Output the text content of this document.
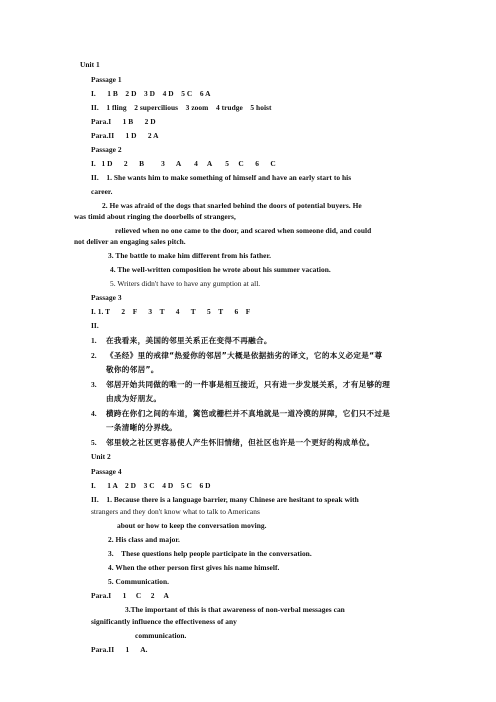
Unit 1
Passage 1
I.      1 B    2 D    3 D    4 D    5 C    6 A
II.    1 fling    2 supercilious    3 zoom    4 trudge    5 hoist
Para.I      1 B      2 D
Para.II      1 D      2 A
Passage 2
I.   1 D      2      B         3      A       4     A       5     C      6      C
II.    1. She wants him to make something of himself and have an early start to his
career.
2. He was afraid of the dogs that snarled behind the doors of potential buyers. He
was timid about ringing the doorbells of strangers,
relieved when no one came to the door, and scared when someone did, and could
not deliver an engaging sales pitch.
3. The battle to make him different from his father.
4. The well-written composition he wrote about his summer vacation.
5. Writers didn't have to have any gumption at all.
Passage 3
I. 1. T      2    F      3    T      4      T      5    T      6    F
II.
1. 在我看来，美国的邻里关系正在变得不再融合。
2. 《圣经》里的戒律“热爱你的邻居”大概是依据拙劣的译文，它的本义必定是“尊
敬你的邻居”。
3. 邻居开始共同做的唯一的一件事是相互接近，只有进一步发展关系，才有足够的理
由成为好朋友。
4. 横跨在你们之间的车道，篱笆或栅栏并不真地就是一道冷漠的屏障，它们只不过是
一条清晰的分界线。
5. 邻里较之社区更容易使人产生怀旧情绪，但社区也许是一个更好的构成单位。
Unit 2
Passage 4
I.      1 A    2 D    3 C    4 D    5 C    6 D
II.    1. Because there is a language barrier, many Chinese are hesitant to speak with
strangers and they don't know what to talk to Americans
about or how to keep the conversation moving.
2. His class and major.
3.    These questions help people participate in the conversation.
4. When the other person first gives his name himself.
5. Communication.
Para.I      1     C     2     A
3.The important of this is that awareness of non-verbal messages can
significantly influence the effectiveness of any
communication.
Para.II      1      A.
